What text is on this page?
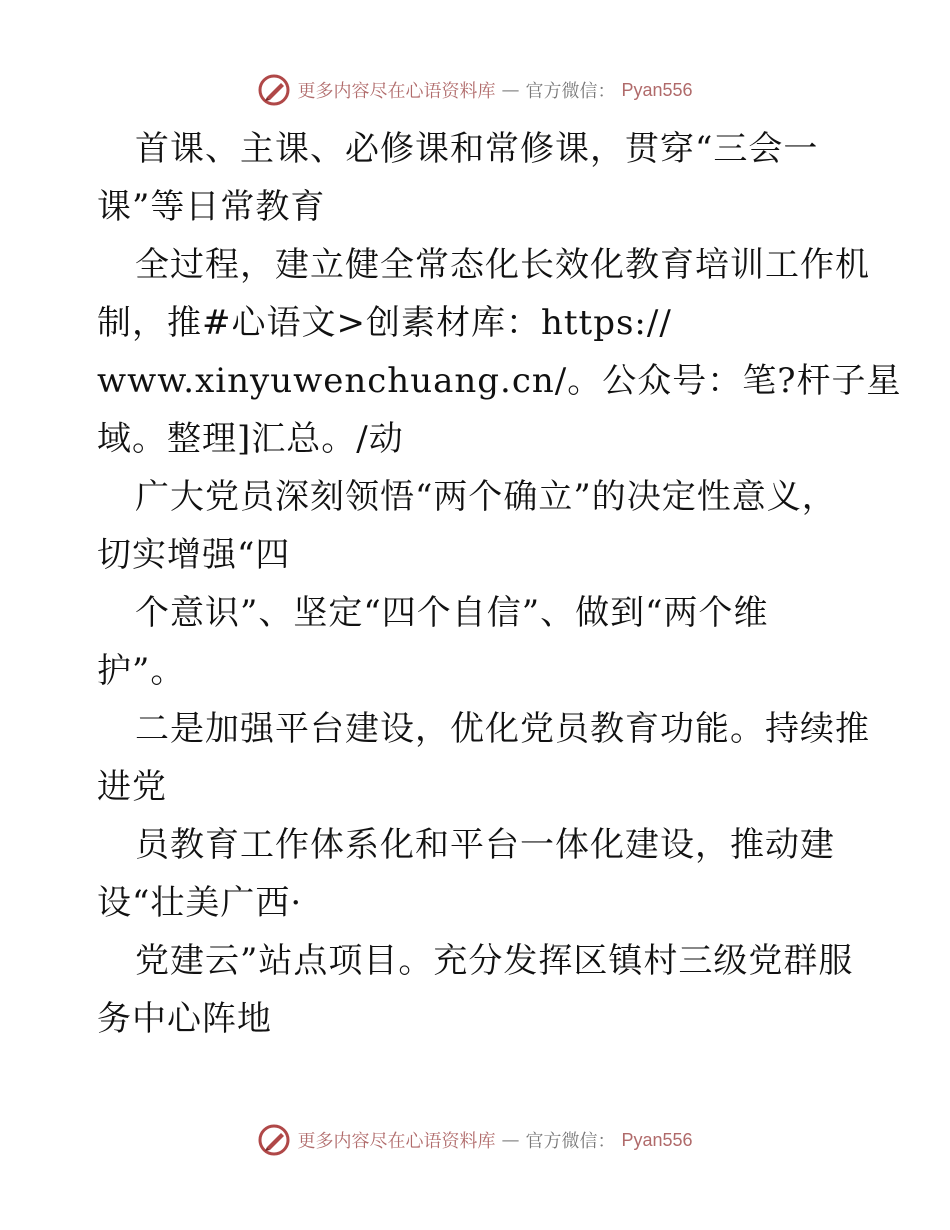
更多内容尽在心语资料库 — 官方微信： Pyan556
首课、主课、必修课和常修课，贯穿“三会一
课”等日常教育
全过程，建立健全常态化长效化教育培训工作机
制，推#心语文>创素材库：https://
www.xinyuwenchuang.cn/。公众号：笔?杆子星
域。整理]汇总。/动
广大党员深刻领悟“两个确立”的决定性意义，
切实增强“四
个意识”、坚定“四个自信”、做到“两个维
护”。
二是加强平台建设，优化党员教育功能。持续推
进党
员教育工作体系化和平台一体化建设，推动建
设“壮美广西·
党建云”站点项目。充分发挥区镇村三级党群服
务中心阵地
更多内容尽在心语资料库 — 官方微信： Pyan556
